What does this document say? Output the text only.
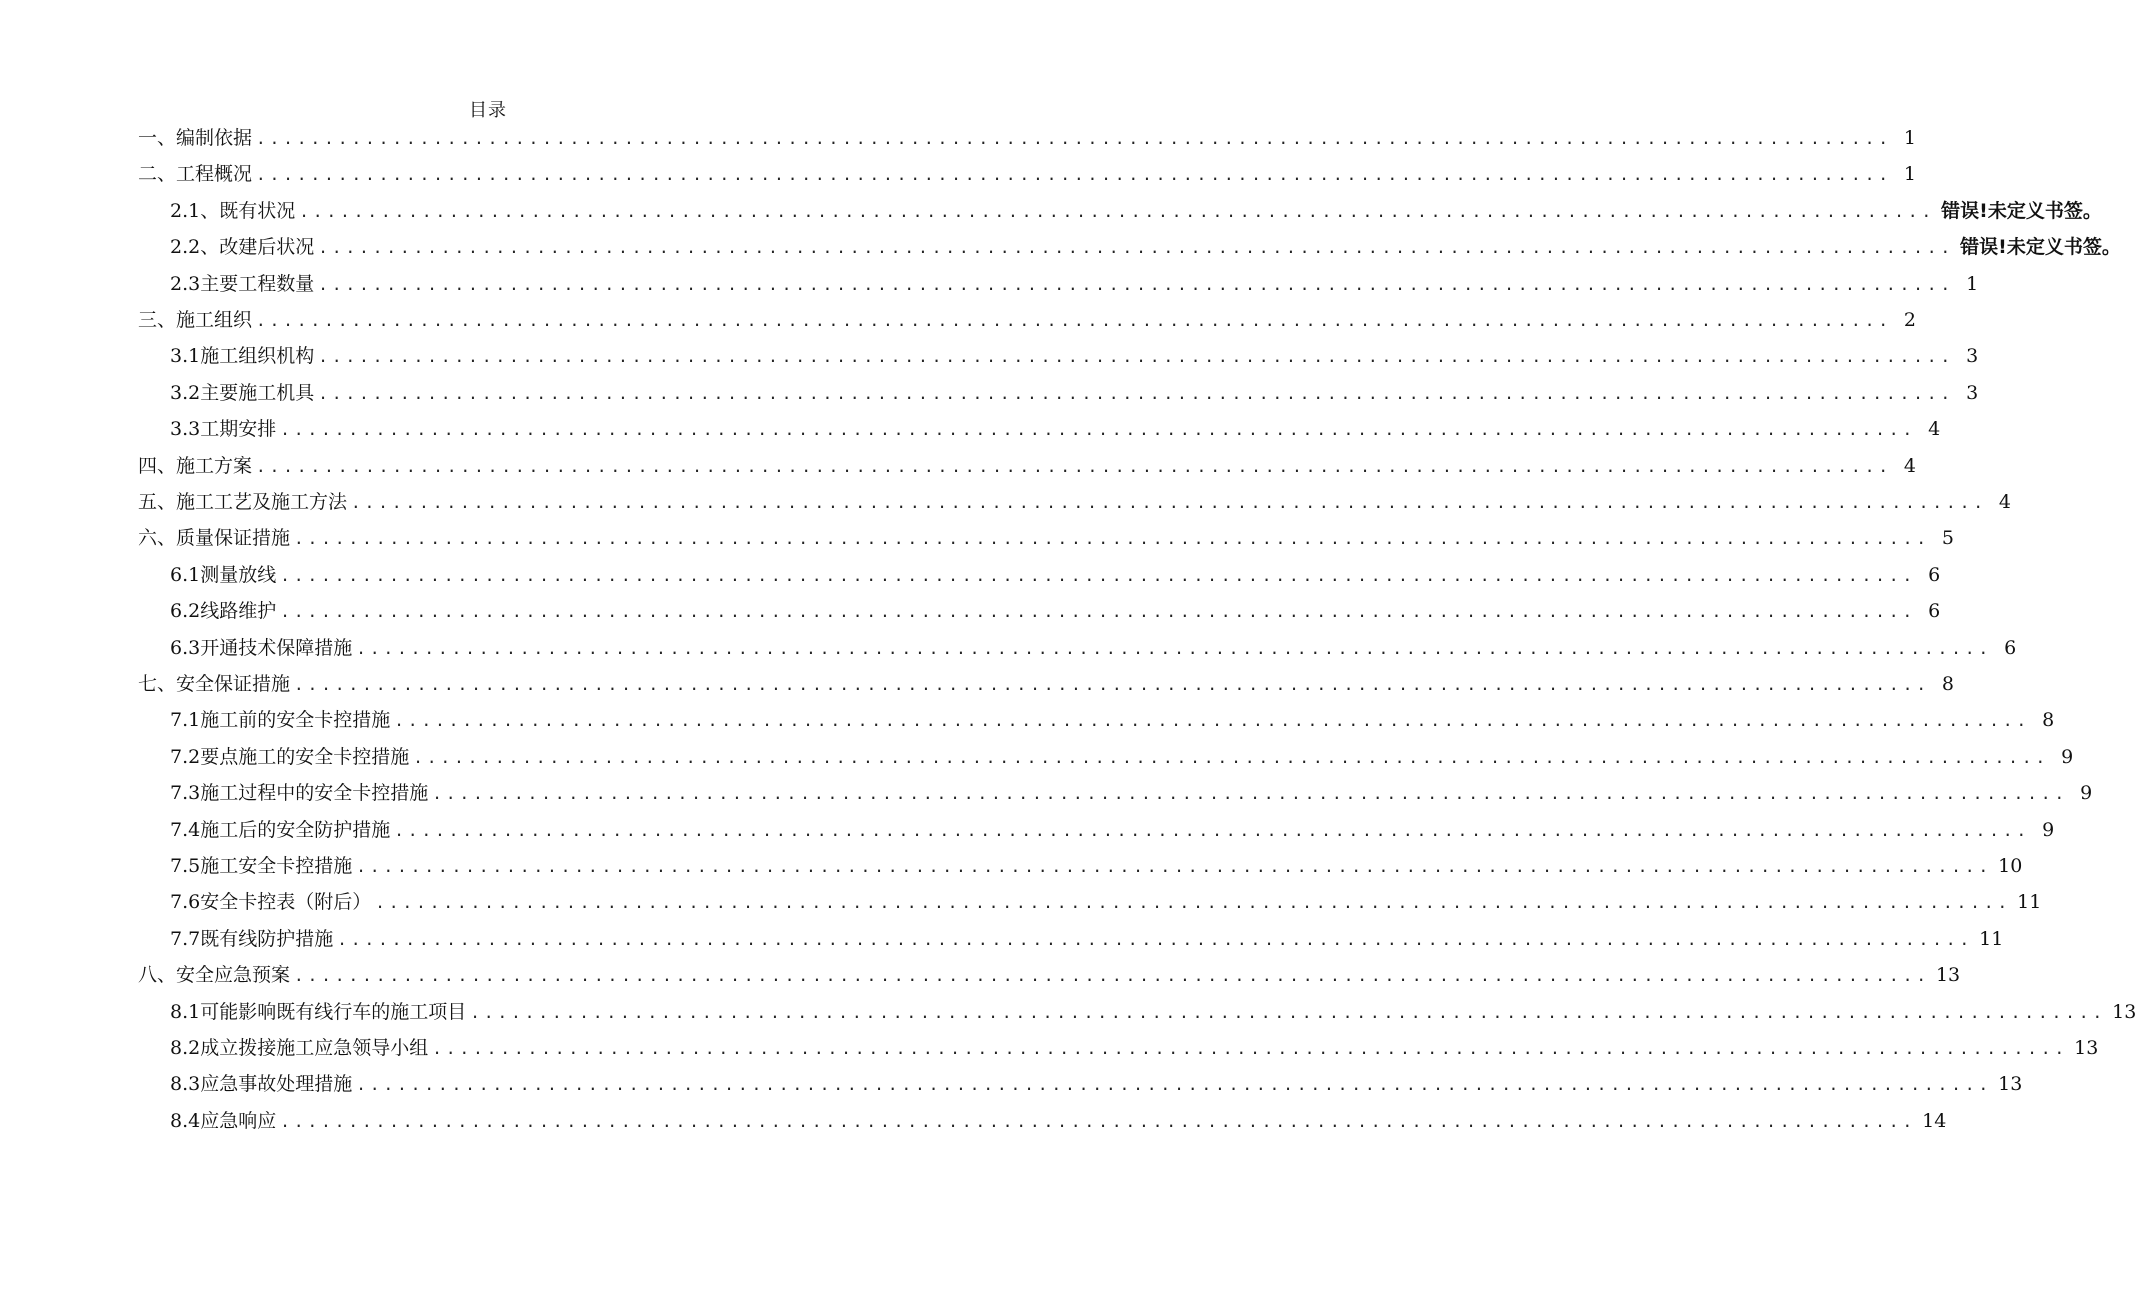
目录
一、编制依据 ........................................................................................................................ 1
二、工程概况 ........................................................................................................................ 1
2.1、既有状况 ........................................................................................................................ 错误!未定义书签。
2.2、改建后状况 ........................................................................................................................ 错误!未定义书签。
2.3主要工程数量 ........................................................................................................................ 1
三、施工组织 ........................................................................................................................ 2
3.1施工组织机构 ........................................................................................................................ 3
3.2主要施工机具 ........................................................................................................................ 3
3.3工期安排 ........................................................................................................................ 4
四、施工方案 ........................................................................................................................ 4
五、施工工艺及施工方法 ........................................................................................................................ 4
六、质量保证措施 ........................................................................................................................ 5
6.1测量放线 ........................................................................................................................ 6
6.2线路维护 ........................................................................................................................ 6
6.3开通技术保障措施 ........................................................................................................................ 6
七、安全保证措施 ........................................................................................................................ 8
7.1施工前的安全卡控措施 ........................................................................................................................ 8
7.2要点施工的安全卡控措施 ........................................................................................................................ 9
7.3施工过程中的安全卡控措施 ........................................................................................................................ 9
7.4施工后的安全防护措施 ........................................................................................................................ 9
7.5施工安全卡控措施 ........................................................................................................................ 10
7.6安全卡控表（附后） ........................................................................................................................ 11
7.7既有线防护措施 ........................................................................................................................ 11
八、安全应急预案 ........................................................................................................................ 13
8.1可能影响既有线行车的施工项目 ........................................................................................................................ 13
8.2成立拨接施工应急领导小组 ........................................................................................................................ 13
8.3应急事故处理措施 ........................................................................................................................ 13
8.4应急响应 ........................................................................................................................ 14
